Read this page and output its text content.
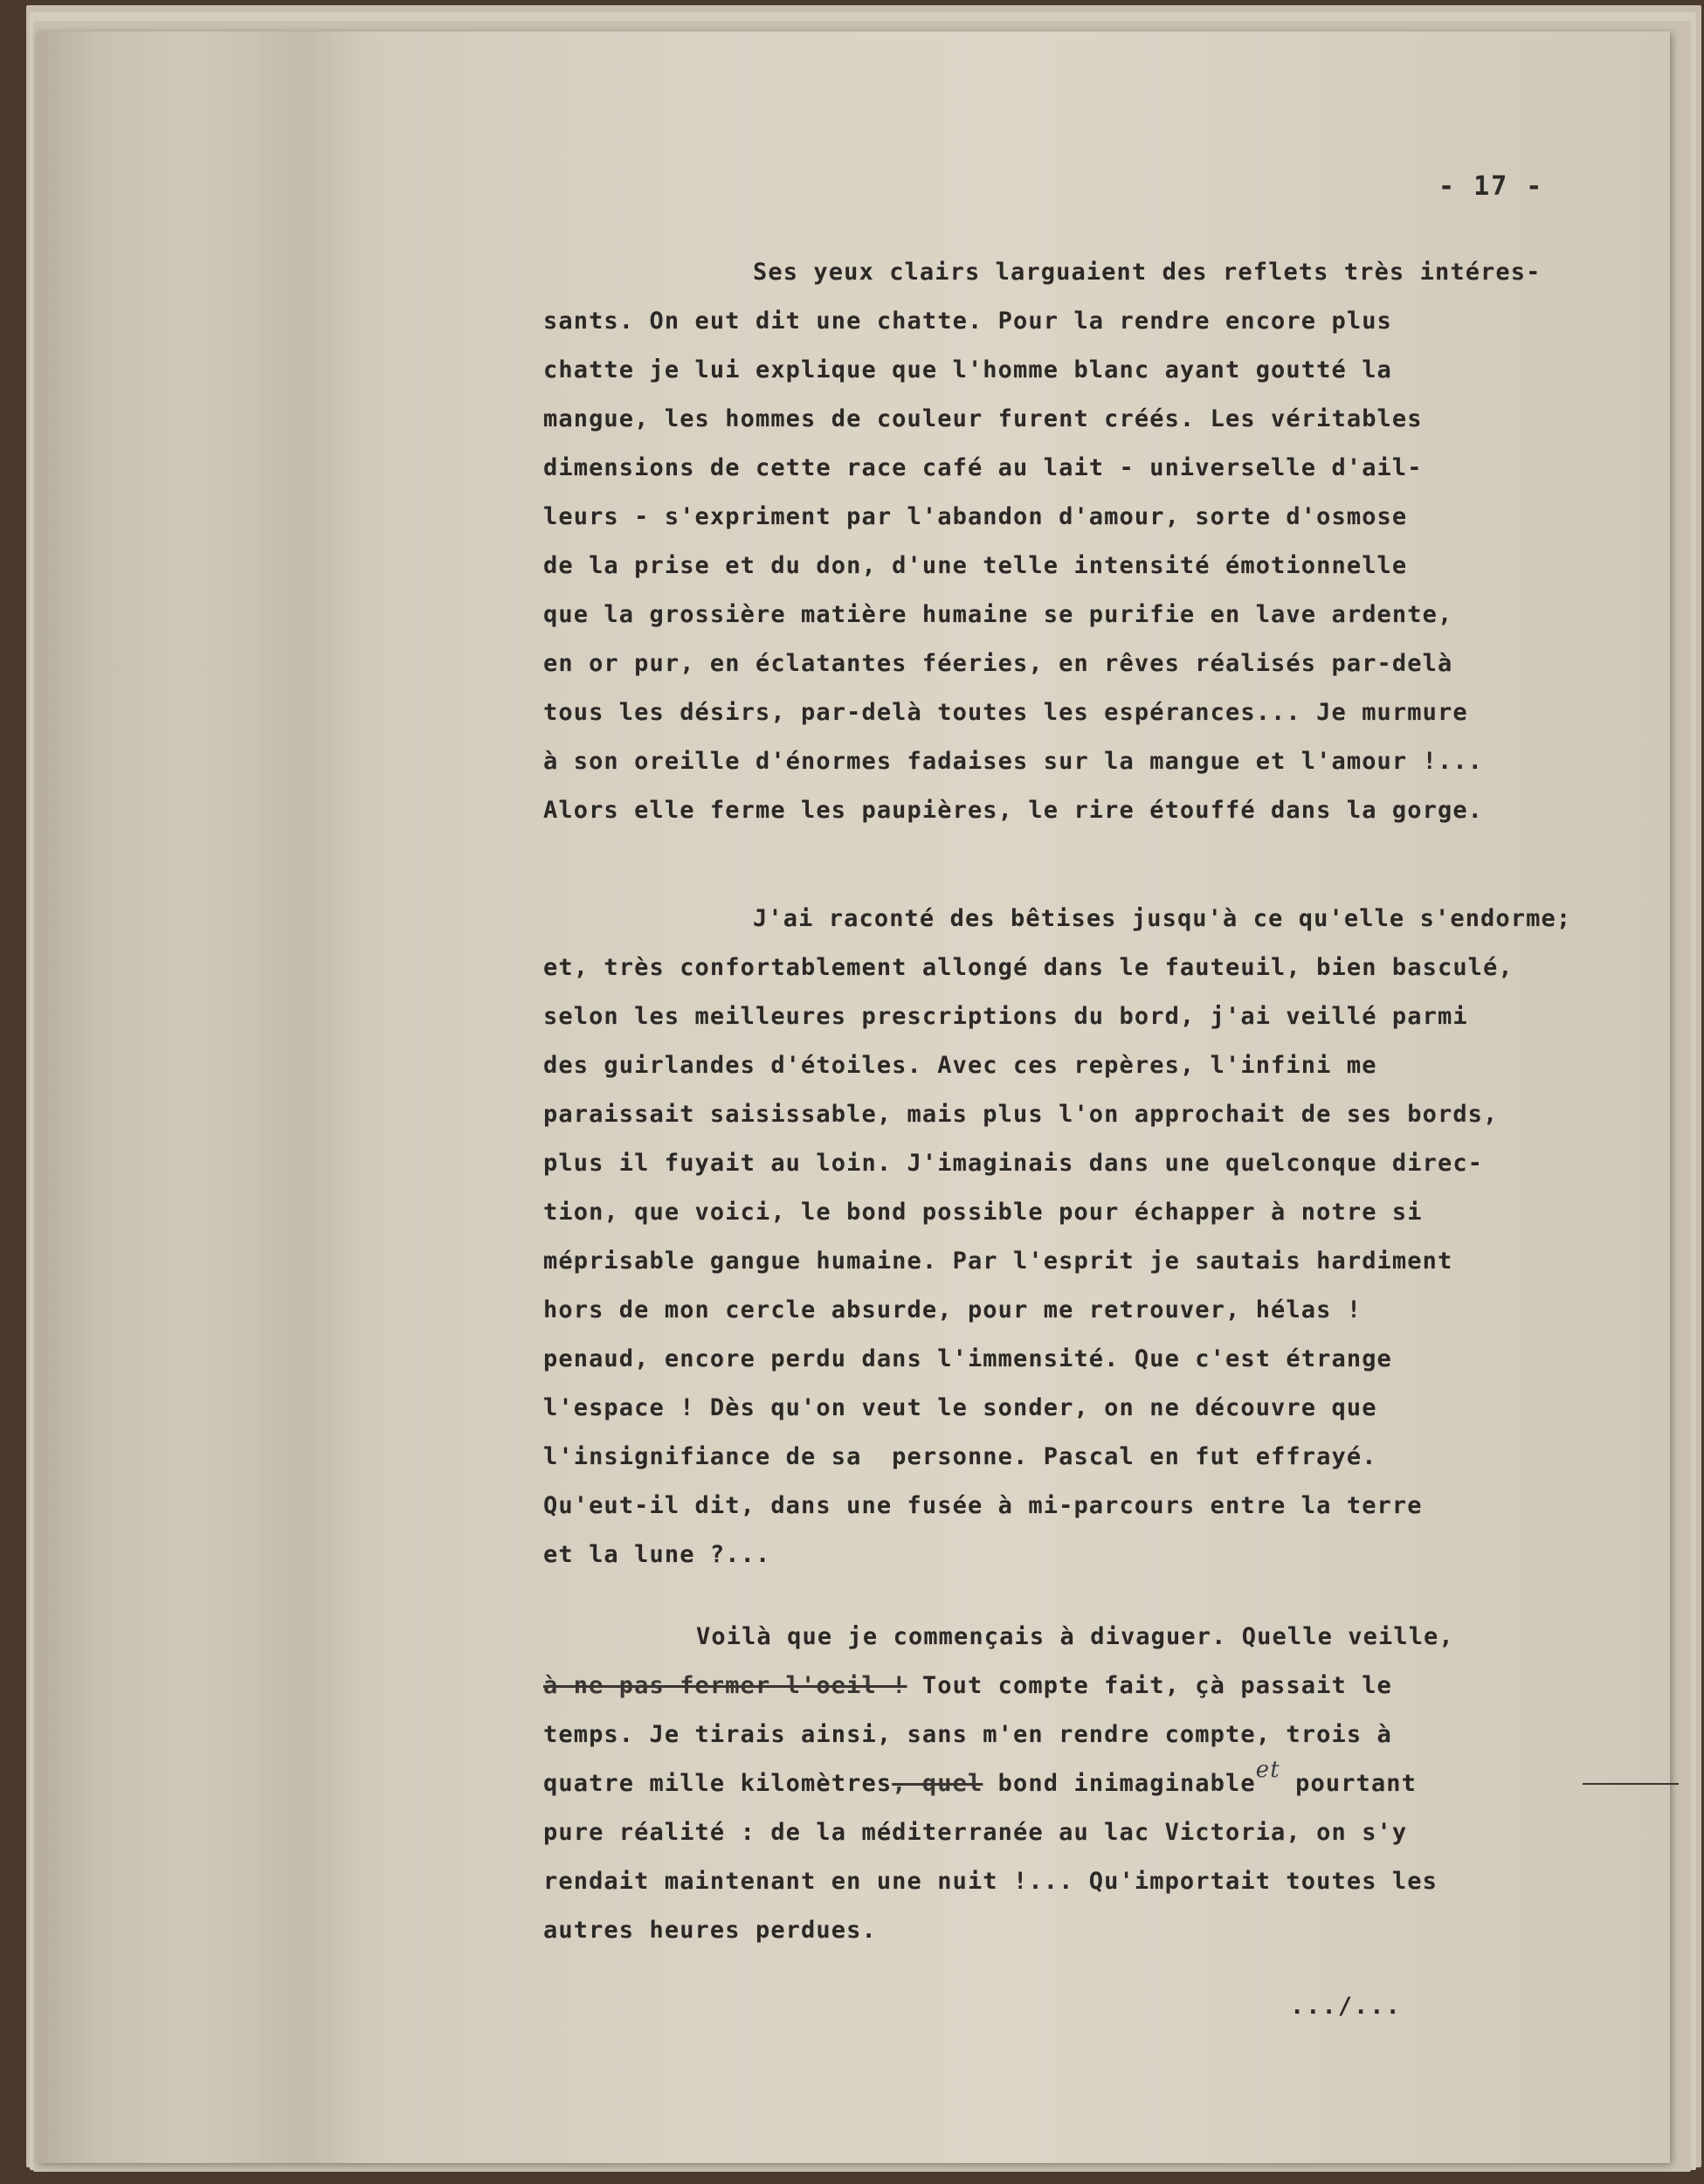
- 17 -
Ses yeux clairs larguaient des reflets très intéres-
sants. On eut dit une chatte. Pour la rendre encore plus
chatte je lui explique que l'homme blanc ayant goutté la
mangue, les hommes de couleur furent créés. Les véritables
dimensions de cette race café au lait - universelle d'ail-
leurs - s'expriment par l'abandon d'amour, sorte d'osmose
de la prise et du don, d'une telle intensité émotionnelle
que la grossière matière humaine se purifie en lave ardente,
en or pur, en éclatantes féeries, en rêves réalisés par-delà
tous les désirs, par-delà toutes les espérances... Je murmure
à son oreille d'énormes fadaises sur la mangue et l'amour !...
Alors elle ferme les paupières, le rire étouffé dans la gorge.
J'ai raconté des bêtises jusqu'à ce qu'elle s'endorme;
et, très confortablement allongé dans le fauteuil, bien basculé,
selon les meilleures prescriptions du bord, j'ai veillé parmi
des guirlandes d'étoiles. Avec ces repères, l'infini me
paraissait saisissable, mais plus l'on approchait de ses bords,
plus il fuyait au loin. J'imaginais dans une quelconque direc-
tion, que voici, le bond possible pour échapper à notre si
méprisable gangue humaine. Par l'esprit je sautais hardiment
hors de mon cercle absurde, pour me retrouver, hélas !
penaud, encore perdu dans l'immensité. Que c'est étrange
l'espace ! Dès qu'on veut le sonder, on ne découvre que
l'insignifiance de sa  personne. Pascal en fut effrayé.
Qu'eut-il dit, dans une fusée à mi-parcours entre la terre
et la lune ?...
Voilà que je commençais à divaguer. Quelle veille,
à ne pas fermer l'oeil ! Tout compte fait, çà passait le
temps. Je tirais ainsi, sans m'en rendre compte, trois à
quatre mille kilomètres, quel bond inimaginableet pourtant
pure réalité : de la méditerranée au lac Victoria, on s'y
rendait maintenant en une nuit !... Qu'importait toutes les
autres heures perdues.
.../...
